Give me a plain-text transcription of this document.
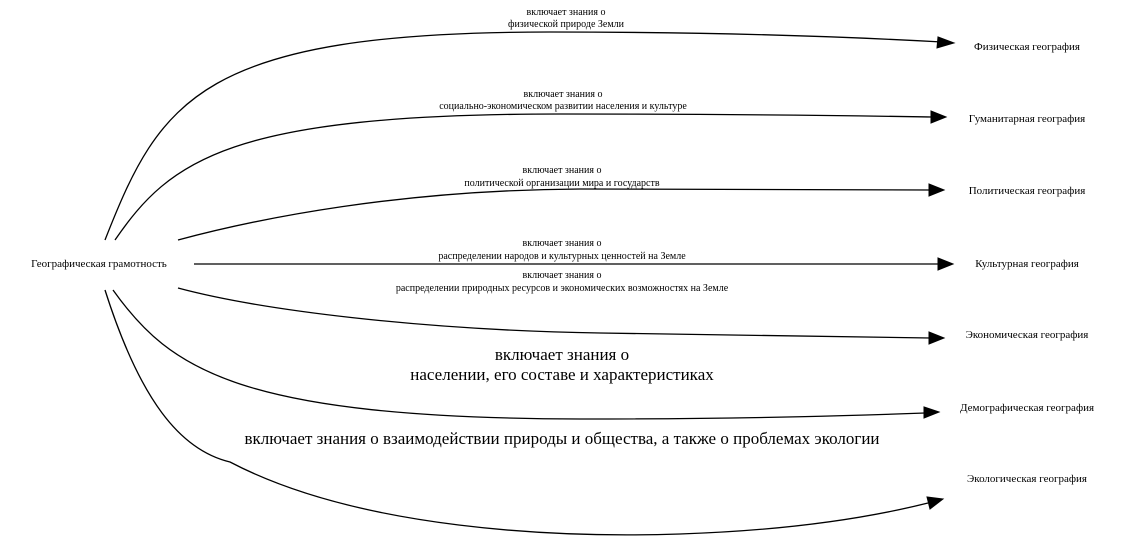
Географическая грамотность
включает знания о
физической природе Земли
Физическая география
включает знания о
социально-экономическом развитии населения и культуре
Гуманитарная география
включает знания о
политической организации мира и государств
Политическая география
включает знания о
распределении народов и культурных ценностей на Земле
Культурная география
включает знания о
распределении природных ресурсов и экономических возможностях на Земле
Экономическая география
включает знания о
населении, его составе и характеристиках
Демографическая география
включает знания о взаимодействии природы и общества, а также о проблемах экологии
Экологическая география
